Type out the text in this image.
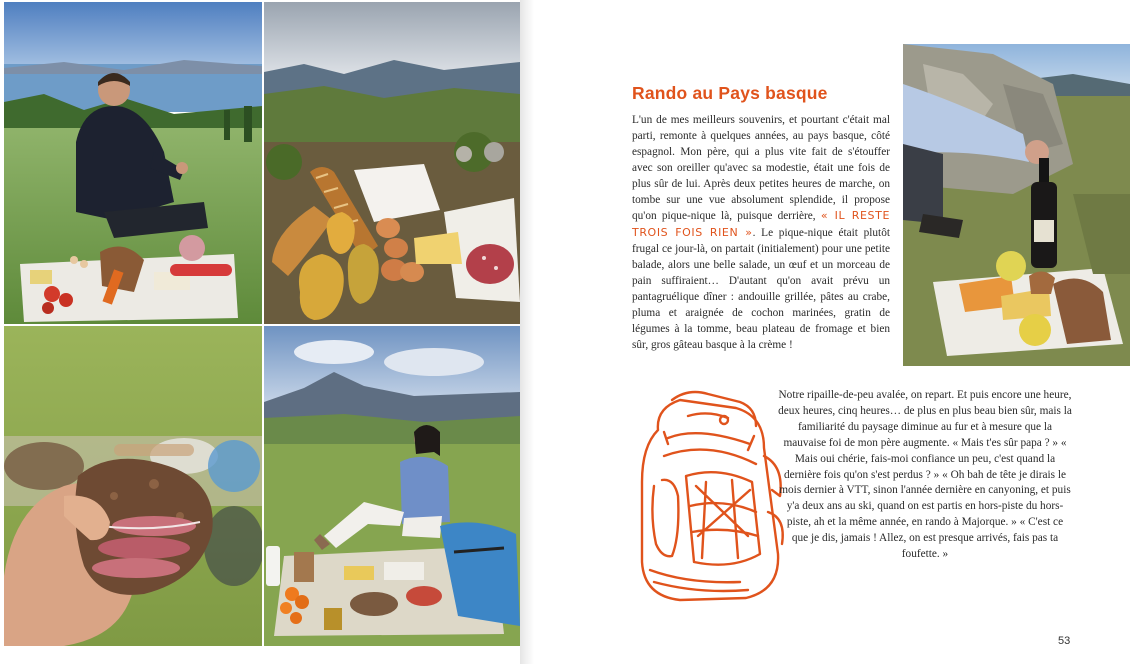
Rando au Pays basque

L'un de mes meilleurs souvenirs, et pourtant c'était mal parti, remonte à quelques années, au pays basque, côté espagnol. Mon père, qui a plus vite fait de s'étouffer avec son oreiller qu'avec sa modestie, était une fois de plus sûr de lui. Après deux petites heures de marche, on tombe sur une vue absolument splendide, il propose qu'on pique-nique là, puisque derrière, « IL RESTE TROIS FOIS RIEN ». Le pique-nique était plutôt frugal ce jour-là, on partait (initialement) pour une petite balade, alors une belle salade, un œuf et un morceau de pain suffiraient… D'autant qu'on avait prévu un pantagruélique dîner : andouille grillée, pâtes au crabe, pluma et araignée de cochon marinées, gratin de légumes à la tomme, beau plateau de fromage et bien sûr, gros gâteau basque à la crème !

Notre ripaille-de-peu avalée, on repart. Et puis encore une heure, deux heures, cinq heures… de plus en plus beau bien sûr, mais la familiarité du paysage diminue au fur et à mesure que la mauvaise foi de mon père augmente. « Mais t'es sûr papa ? » « Mais oui chérie, fais-moi confiance un peu, c'est quand la dernière fois qu'on s'est perdus ? » « Oh bah de tête je dirais le mois dernier à VTT, sinon l'année dernière en canyoning, et puis y'a deux ans au ski, quand on est partis en hors-piste du hors-piste, ah et la même année, en rando à Majorque. » « C'est ce que je dis, jamais ! Allez, on est presque arrivés, fais pas ta foufette. »

53
